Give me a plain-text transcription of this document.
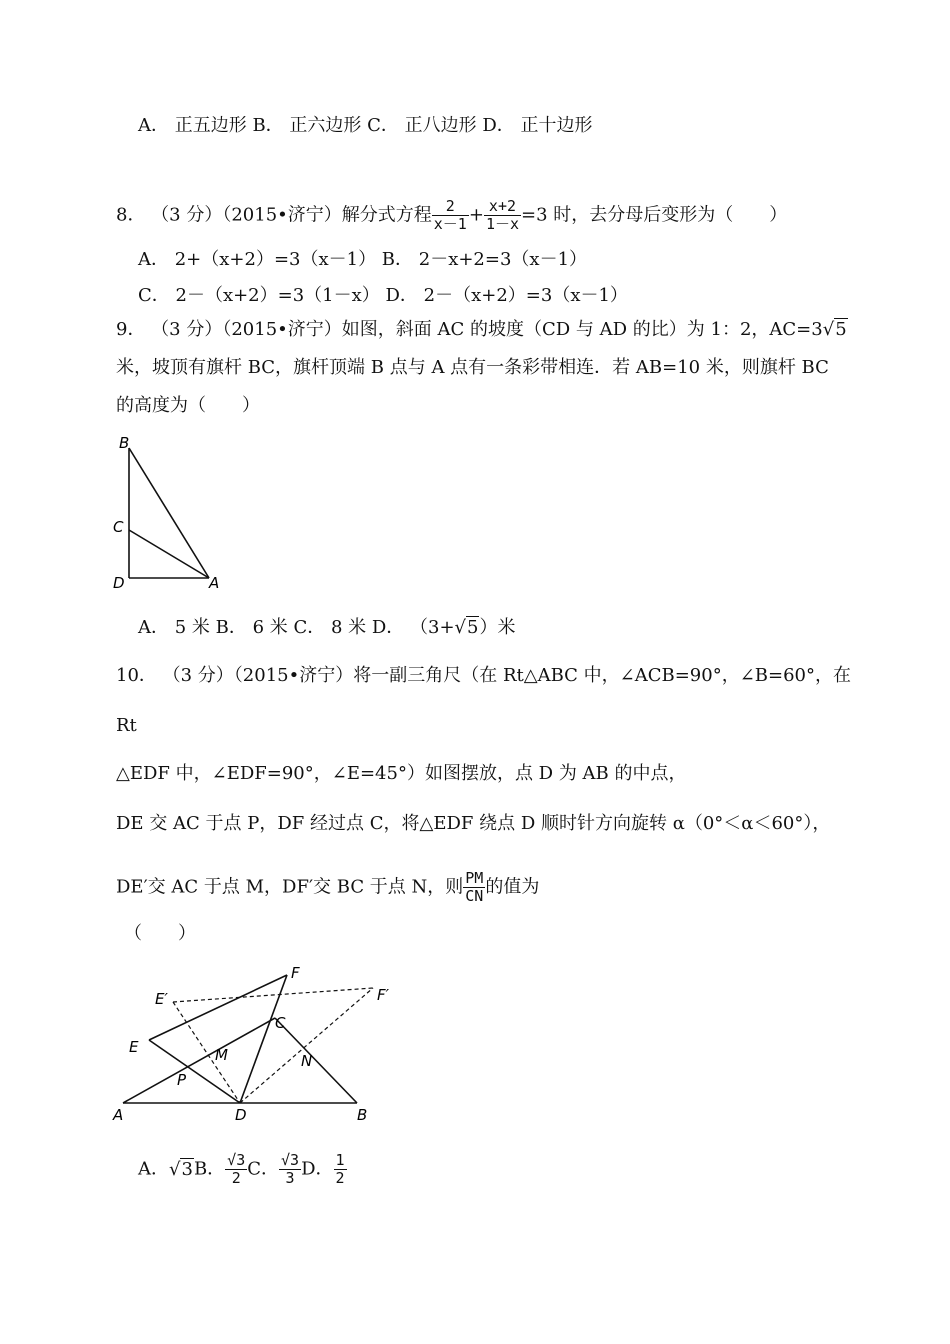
A． 正五边形 B． 正六边形 C． 正八边形 D． 正十边形
8． （3 分）（2015•济宁）解分式方程 $\frac{2}{x-1} + \frac{x+2}{1-x} =3$ 时，去分母后变形为（　　）
A． 2+（x+2）=3（x－1） B． 2－x+2=3（x－1）
C． 2－（x+2）=3（1－x） D． 2－（x+2）=3（x－1）
9． （3 分）（2015•济宁）如图，斜面 AC 的坡度（CD 与 AD 的比）为 1：2，AC=3√5
米，坡顶有旗杆 BC，旗杆顶端 B 点与 A 点有一条彩带相连．若 AB=10 米，则旗杆 BC
的高度为（　　）
B
C
D	A
A． 5 米 B． 6 米 C． 8 米 D． （3+√5）米
10． （3 分）（2015•济宁）将一副三角尺（在 Rt△ABC 中，∠ACB=90°，∠B=60°，在
Rt
△EDF 中，∠EDF=90°，∠E=45°）如图摆放，点 D 为 AB 的中点，
DE 交 AC 于点 P，DF 经过点 C，将△EDF 绕点 D 顺时针方向旋转 α（0°＜α＜60°），
DE′交 AC 于点 M，DF′交 BC 于点 N，则 $\frac{PM}{CN}$ 的值为
（　　）
F
E′	F′
C
E	M	N
P
A	D	B
A．√3B． $\frac{√3}{2}$ C． $\frac{√3}{3}$ D． $\frac{1}{2}$
